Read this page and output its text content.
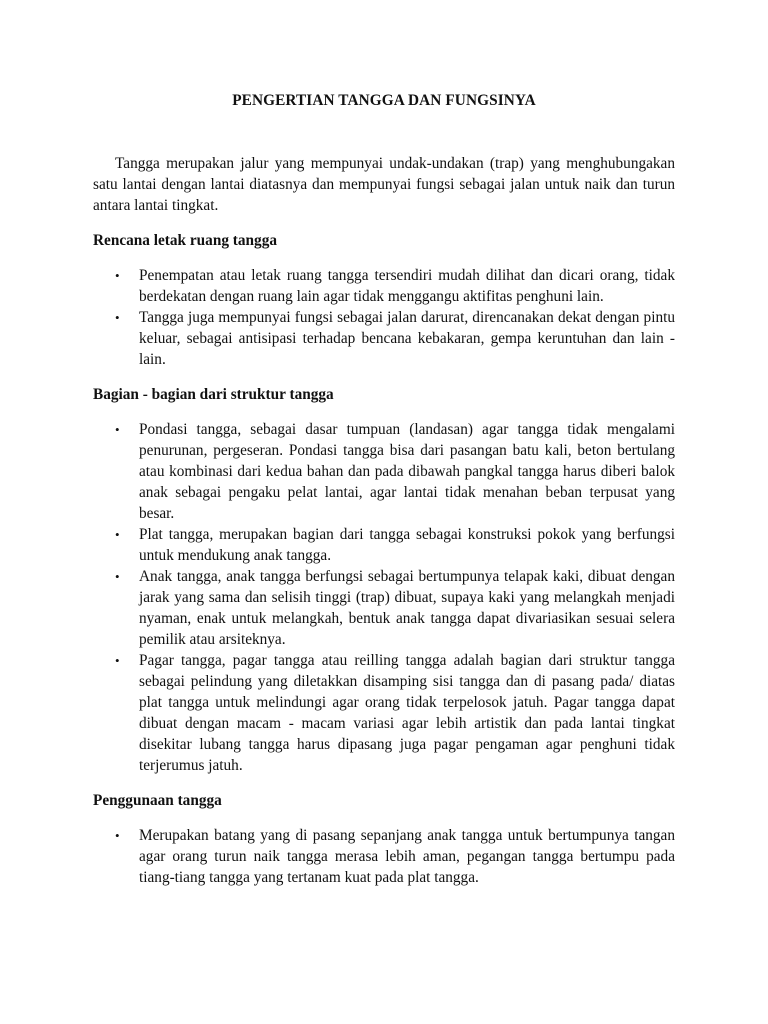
PENGERTIAN TANGGA DAN FUNGSINYA

Tangga merupakan jalur yang mempunyai undak-undakan (trap) yang menghubungakan satu lantai dengan lantai diatasnya dan mempunyai fungsi sebagai jalan untuk naik dan turun antara lantai tingkat.

Rencana letak ruang tangga
• Penempatan atau letak ruang tangga tersendiri mudah dilihat dan dicari orang, tidak berdekatan dengan ruang lain agar tidak menggangu aktifitas penghuni lain.
• Tangga juga mempunyai fungsi sebagai jalan darurat, direncanakan dekat dengan pintu keluar, sebagai antisipasi terhadap bencana kebakaran, gempa keruntuhan dan lain - lain.
Bagian - bagian dari struktur tangga
• Pondasi tangga, sebagai dasar tumpuan (landasan) agar tangga tidak mengalami penurunan, pergeseran. Pondasi tangga bisa dari pasangan batu kali, beton bertulang atau kombinasi dari kedua bahan dan pada dibawah pangkal tangga harus diberi balok anak sebagai pengaku pelat lantai, agar lantai tidak menahan beban terpusat yang besar.
• Plat tangga, merupakan bagian dari tangga sebagai konstruksi pokok yang berfungsi untuk mendukung anak tangga.
• Anak tangga, anak tangga berfungsi sebagai bertumpunya telapak kaki, dibuat dengan jarak yang sama dan selisih tinggi (trap) dibuat, supaya kaki yang melangkah menjadi nyaman, enak untuk melangkah, bentuk anak tangga dapat divariasikan sesuai selera pemilik atau arsiteknya.
• Pagar tangga, pagar tangga atau reilling tangga adalah bagian dari struktur tangga sebagai pelindung yang diletakkan disamping sisi tangga dan di pasang pada/ diatas plat tangga untuk melindungi agar orang tidak terpelosok jatuh. Pagar tangga dapat dibuat dengan macam - macam variasi agar lebih artistik dan pada lantai tingkat disekitar lubang tangga harus dipasang juga pagar pengaman agar penghuni tidak terjerumus jatuh.
Penggunaan tangga
• Merupakan batang yang di pasang sepanjang anak tangga untuk bertumpunya tangan agar orang turun naik tangga merasa lebih aman, pegangan tangga bertumpu pada tiang-tiang tangga yang tertanam kuat pada plat tangga.
